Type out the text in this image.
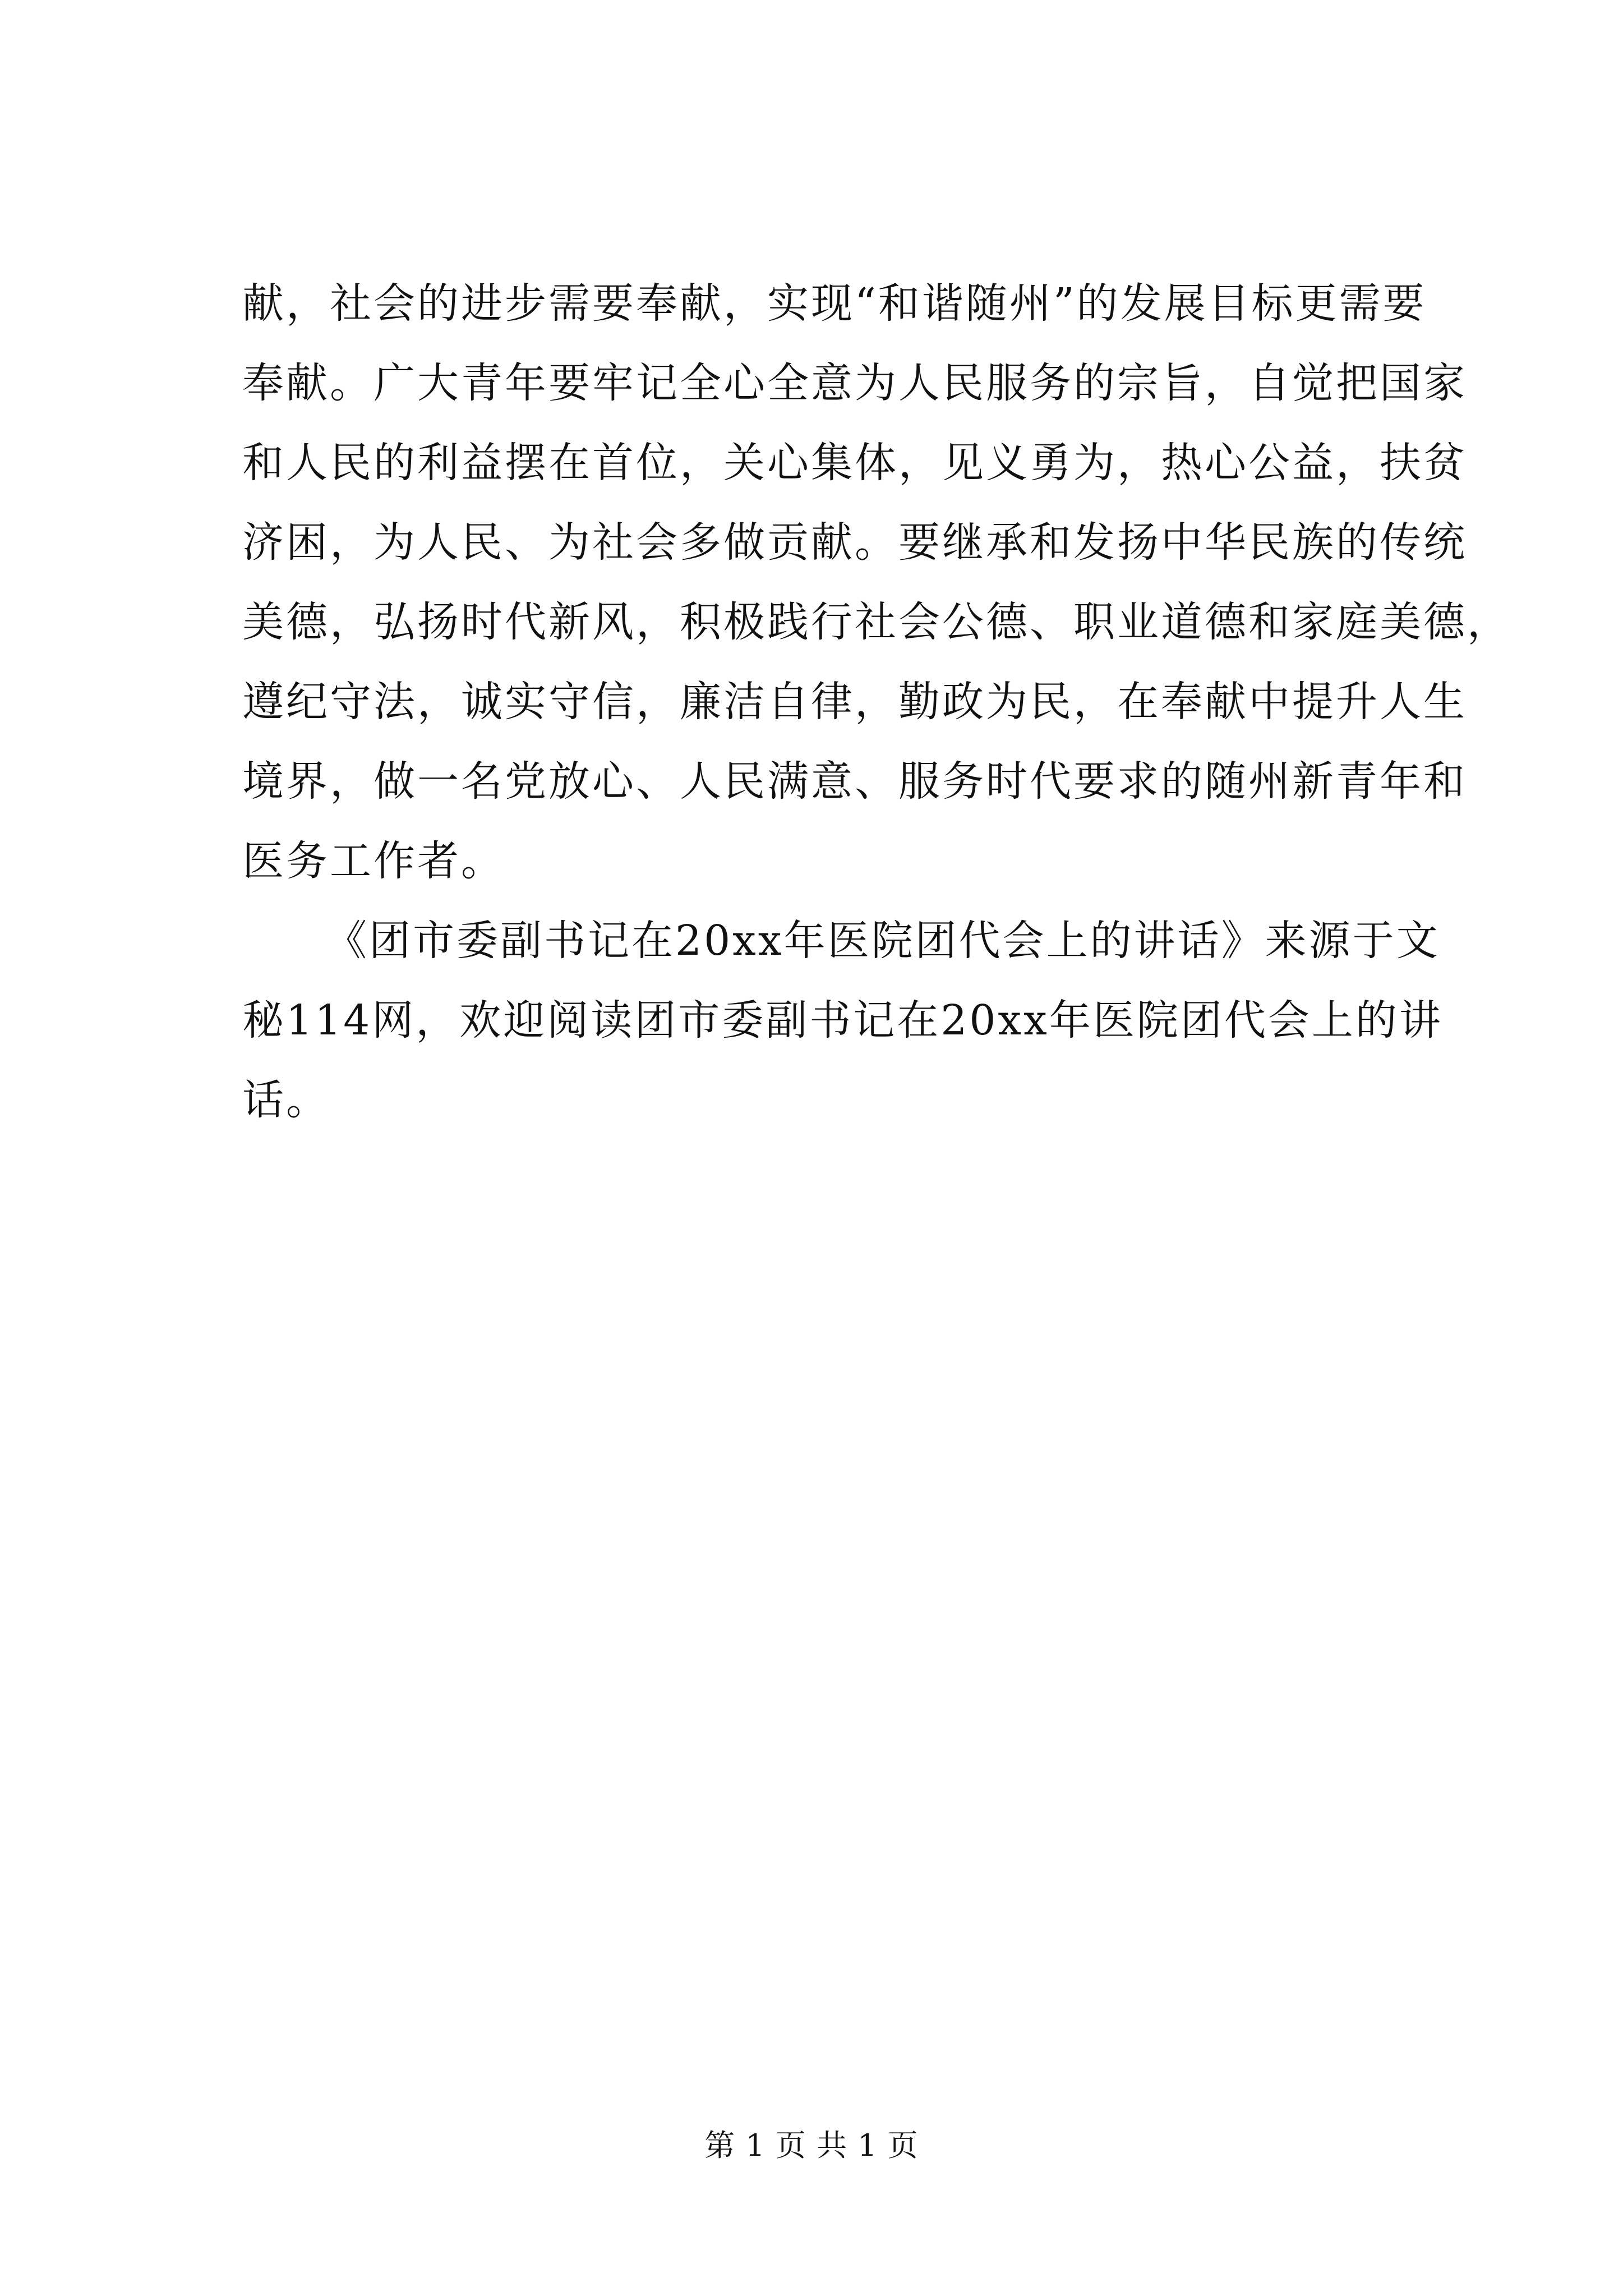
献，社会的进步需要奉献，实现“和谐随州”的发展目标更需要
奉献。广大青年要牢记全心全意为人民服务的宗旨，自觉把国家
和人民的利益摆在首位，关心集体，见义勇为，热心公益，扶贫
济困，为人民、为社会多做贡献。要继承和发扬中华民族的传统
美德，弘扬时代新风，积极践行社会公德、职业道德和家庭美德，
遵纪守法，诚实守信，廉洁自律，勤政为民，在奉献中提升人生
境界，做一名党放心、人民满意、服务时代要求的随州新青年和
医务工作者。
《团市委副书记在20xx年医院团代会上的讲话》来源于文
秘114网，欢迎阅读团市委副书记在20xx年医院团代会上的讲
话。
第 1 页 共 1 页
